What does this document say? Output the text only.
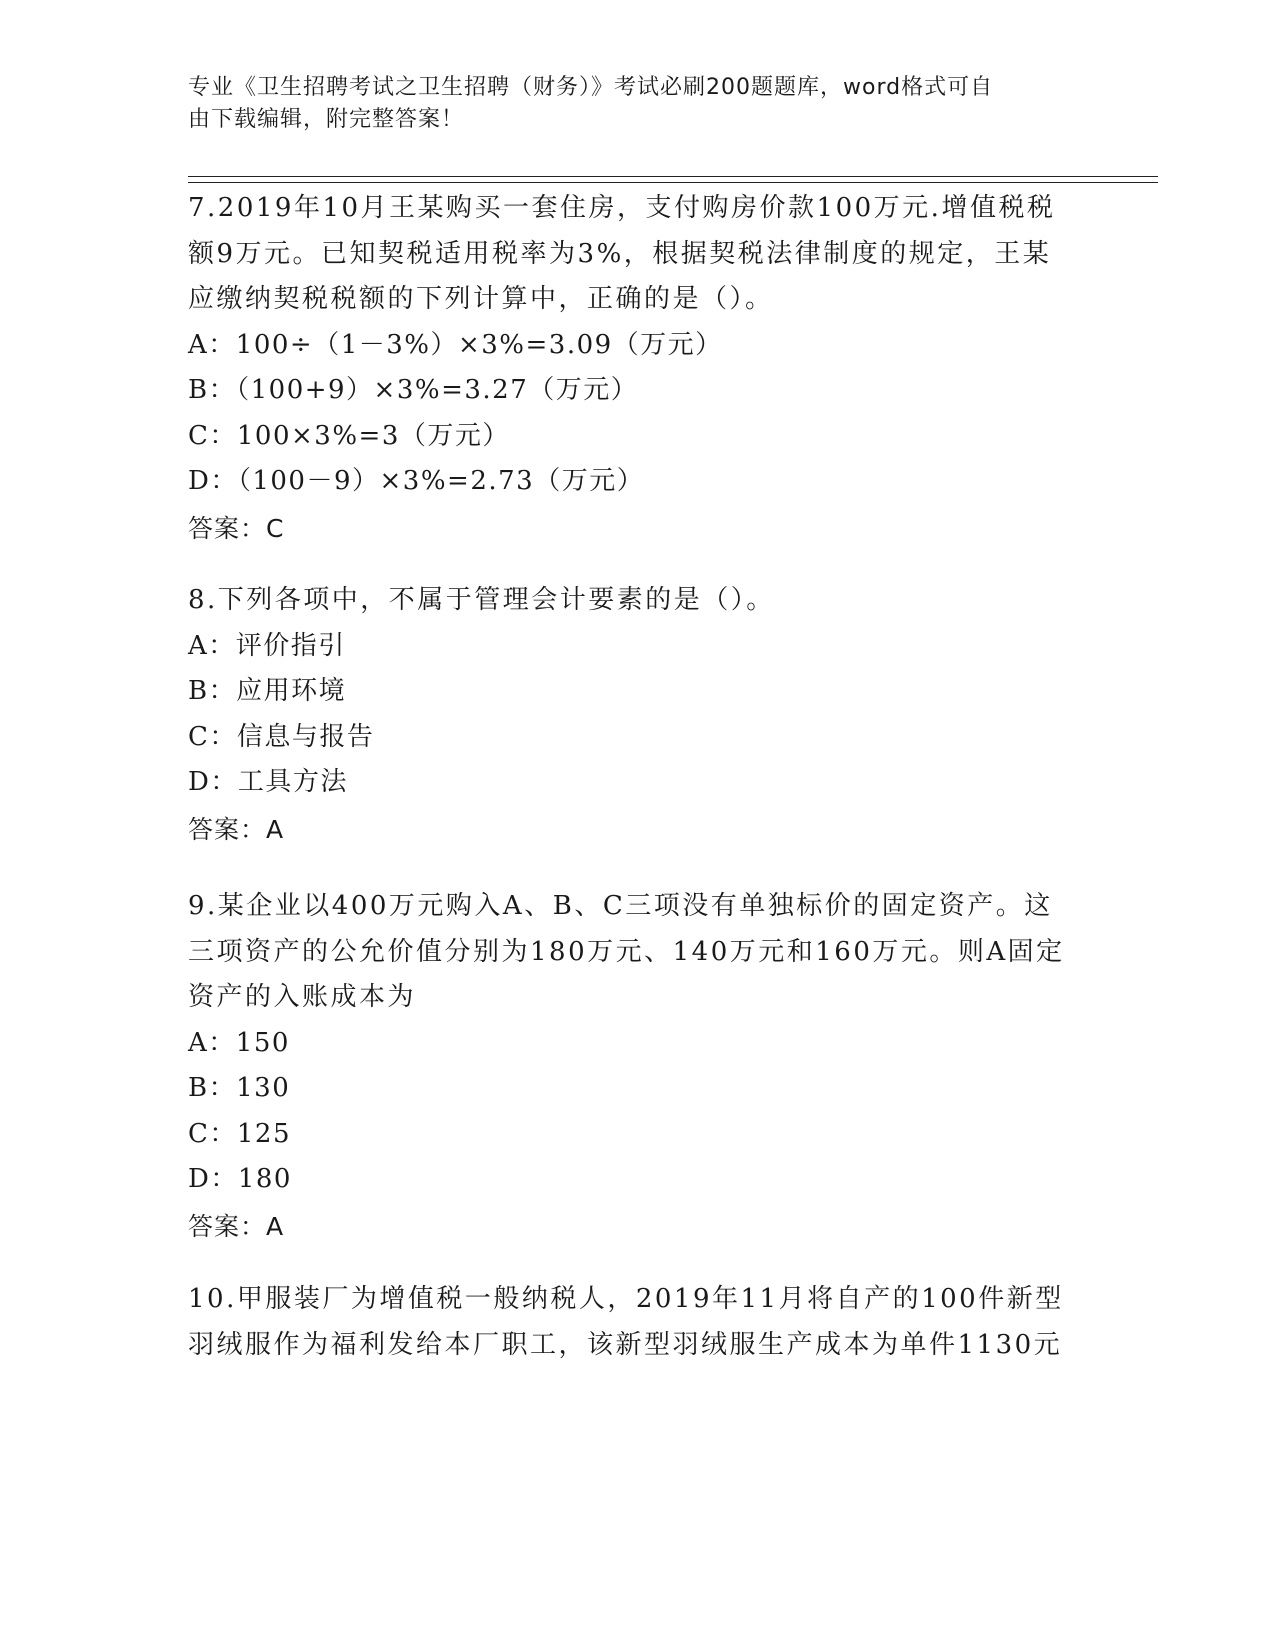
专业《卫生招聘考试之卫生招聘（财务）》考试必刷200题题库，word格式可自
由下载编辑，附完整答案！
7.2019年10月王某购买一套住房，支付购房价款100万元.增值税税
额9万元。已知契税适用税率为3%，根据契税法律制度的规定，王某
应缴纳契税税额的下列计算中，正确的是（）。
A：100÷（1－3%）×3%=3.09（万元）
B：（100+9）×3%=3.27（万元）
C：100×3%=3（万元）
D：（100－9）×3%=2.73（万元）
答案：C
8.下列各项中，不属于管理会计要素的是（）。
A：评价指引
B：应用环境
C：信息与报告
D：工具方法
答案：A
9.某企业以400万元购入A、B、C三项没有单独标价的固定资产。这
三项资产的公允价值分别为180万元、140万元和160万元。则A固定
资产的入账成本为
A：150
B：130
C：125
D：180
答案：A
10.甲服装厂为增值税一般纳税人，2019年11月将自产的100件新型
羽绒服作为福利发给本厂职工，该新型羽绒服生产成本为单件1130元
